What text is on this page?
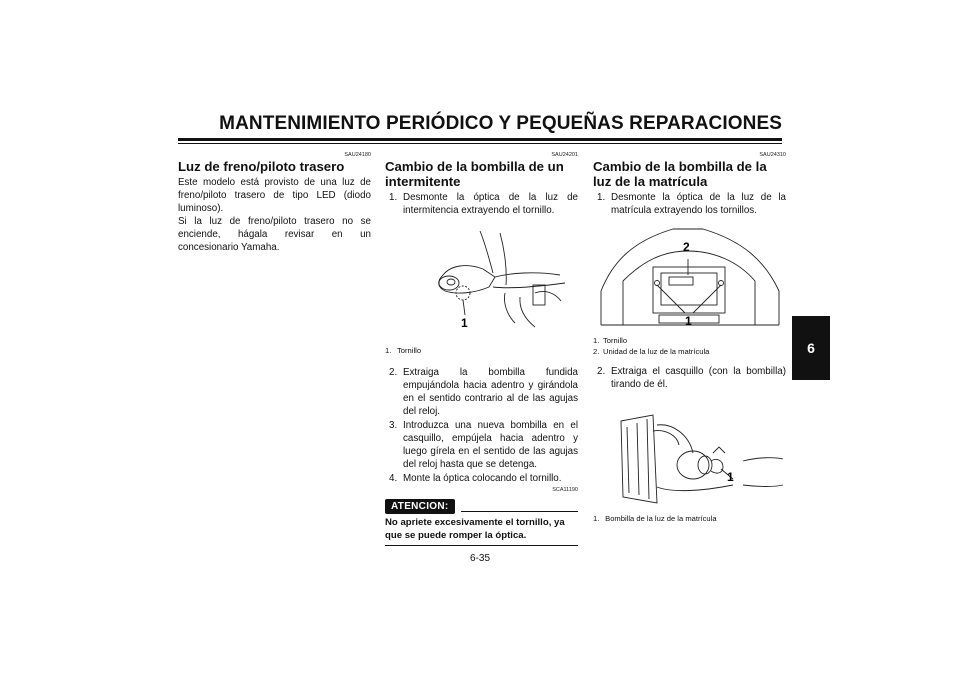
MANTENIMIENTO PERIÓDICO Y PEQUEÑAS REPARACIONES
6
SAU24180
Luz de freno/piloto trasero

Este modelo está provisto de una luz de freno/piloto trasero de tipo LED (diodo luminoso).

Si la luz de freno/piloto trasero no se enciende, hágala revisar en un concesionario Yamaha.

SAU24201
Cambio de la bombilla de un intermitente
1. Desmonte la óptica de la luz de intermitencia extrayendo el tornillo.
1
1. Tornillo
2. Extraiga la bombilla fundida empujándola hacia adentro y girándola en el sentido contrario al de las agujas del reloj.
3. Introduzca una nueva bombilla en el casquillo, empújela hacia adentro y luego gírela en el sentido de las agujas del reloj hasta que se detenga.
4. Monte la óptica colocando el tornillo.
SCA11190
ATENCION:
No apriete excesivamente el tornillo, ya que se puede romper la óptica.
SAU24310
Cambio de la bombilla de la luz de la matrícula
1. Desmonte la óptica de la luz de la matrícula extrayendo los tornillos.
2
1
1. Tornillo
2. Unidad de la luz de la matrícula
2. Extraiga el casquillo (con la bombilla) tirando de él.
1
1. Bombilla de la luz de la matrícula
6-35
